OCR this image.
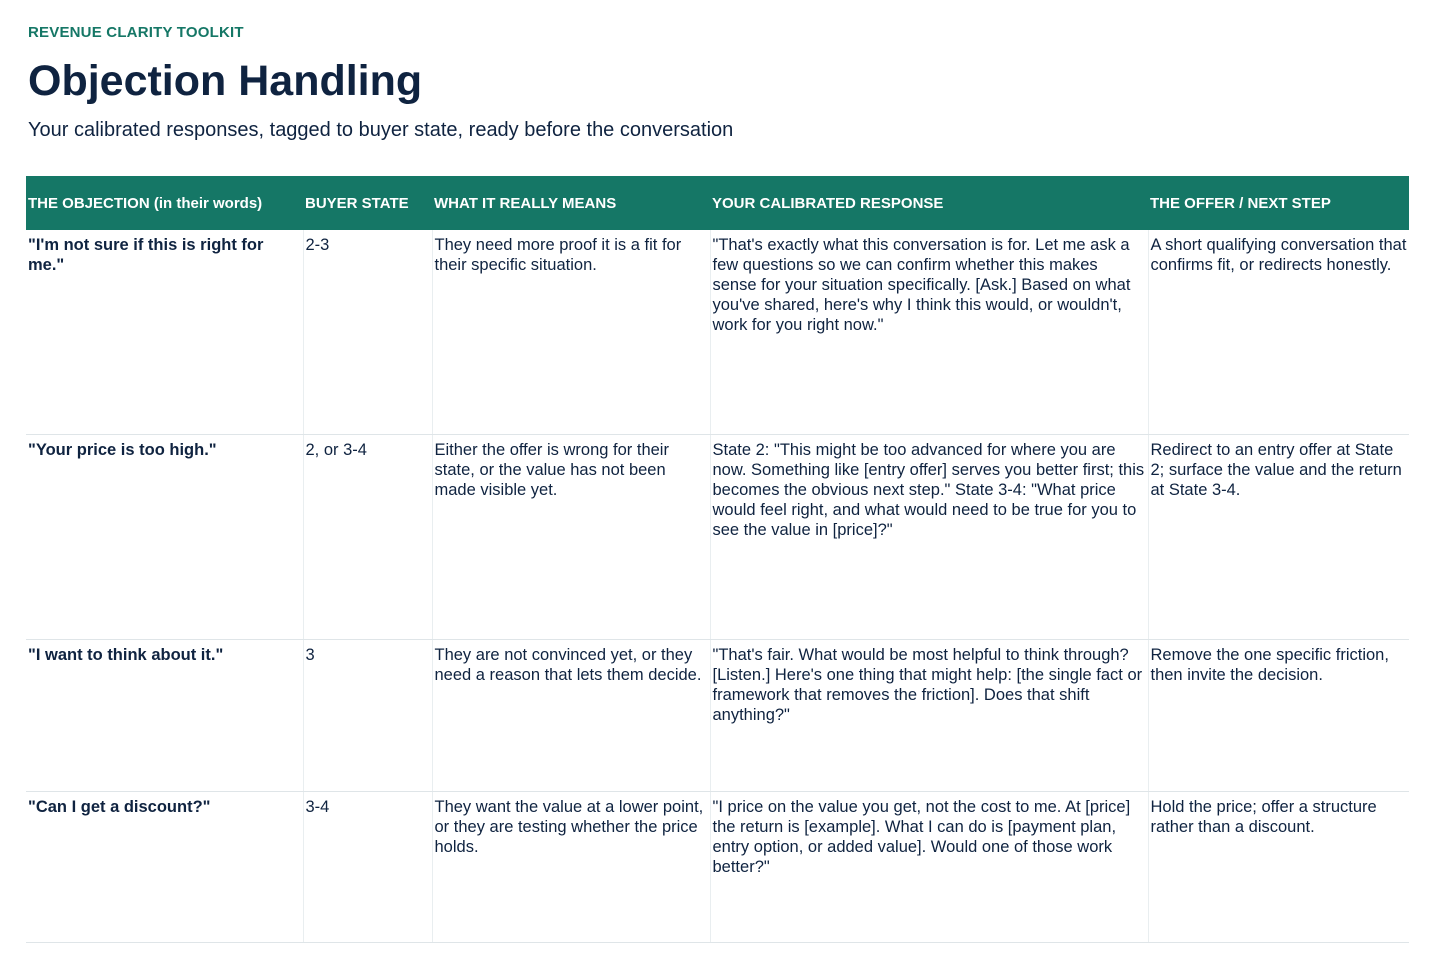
REVENUE CLARITY TOOLKIT
Objection Handling
Your calibrated responses, tagged to buyer state, ready before the conversation
THE OBJECTION (in their words)	BUYER STATE	WHAT IT REALLY MEANS	YOUR CALIBRATED RESPONSE	THE OFFER / NEXT STEP
"I'm not sure if this is right for me."	2-3	They need more proof it is a fit for their specific situation.	"That's exactly what this conversation is for. Let me ask a few questions so we can confirm whether this makes sense for your situation specifically. [Ask.] Based on what you've shared, here's why I think this would, or wouldn't, work for you right now."	A short qualifying conversation that confirms fit, or redirects honestly.
"Your price is too high."	2, or 3-4	Either the offer is wrong for their state, or the value has not been made visible yet.	State 2: "This might be too advanced for where you are now. Something like [entry offer] serves you better first; this becomes the obvious next step." State 3-4: "What price would feel right, and what would need to be true for you to see the value in [price]?"	Redirect to an entry offer at State 2; surface the value and the return at State 3-4.
"I want to think about it."	3	They are not convinced yet, or they need a reason that lets them decide.	"That's fair. What would be most helpful to think through? [Listen.] Here's one thing that might help: [the single fact or framework that removes the friction]. Does that shift anything?"	Remove the one specific friction, then invite the decision.
"Can I get a discount?"	3-4	They want the value at a lower point, or they are testing whether the price holds.	"I price on the value you get, not the cost to me. At [price] the return is [example]. What I can do is [payment plan, entry option, or added value]. Would one of those work better?"	Hold the price; offer a structure rather than a discount.
